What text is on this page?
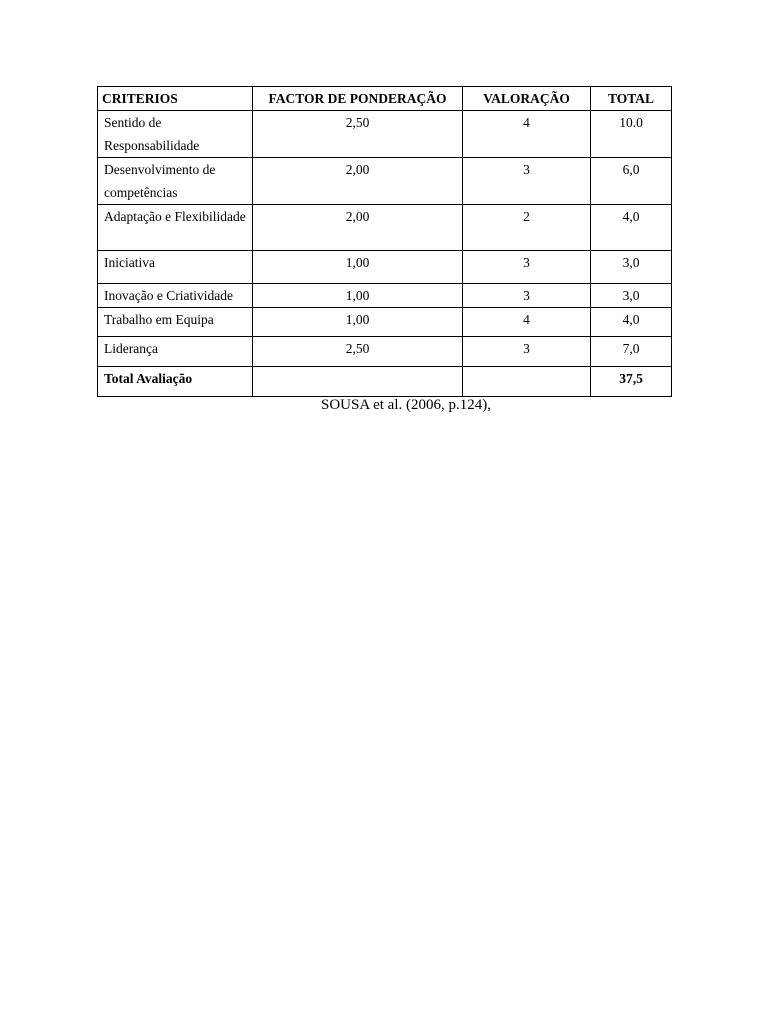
CRITERIOS	FACTOR DE PONDERAÇÃO	VALORAÇÃO	TOTAL
Sentido de Responsabilidade	2,50	4	10.0
Desenvolvimento de competências	2,00	3	6,0
Adaptação e Flexibilidade	2,00	2	4,0
Iniciativa	1,00	3	3,0
Inovação e Criatividade	1,00	3	3,0
Trabalho em Equipa	1,00	4	4,0
Liderança	2,50	3	7,0
Total Avaliação			37,5
SOUSA et al. (2006, p.124),
